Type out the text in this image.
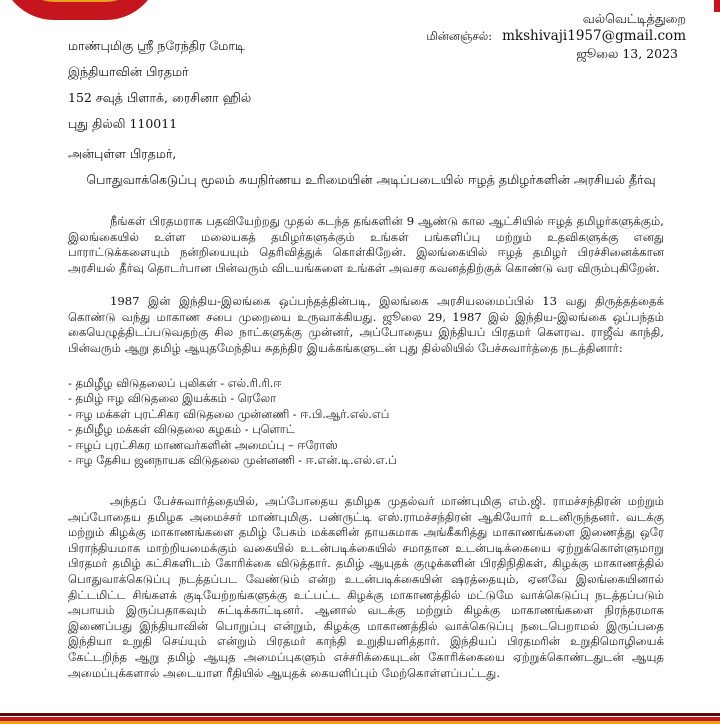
வல்வெட்டித்துறை
மின்னஞ்சல்: mkshivaji1957@gmail.com
ஜூலை 13, 2023
மாண்புமிகு ஸ்ரீ நரேந்திர மோடி
இந்தியாவின் பிரதமர்
152 சவுத் பிளாக், ரைசினா ஹில்
புது தில்லி 110011
அன்புள்ள பிரதமர்,
பொதுவாக்கெடுப்பு மூலம் சுயநிர்ணய உரிமையின் அடிப்படையில் ஈழத் தமிழர்களின் அரசியல் தீர்வு
நீங்கள் பிரதமராக பதவியேற்றது முதல் கடந்த தங்களின் 9 ஆண்டு கால ஆட்சியில் ஈழத் தமிழர்களுக்கும், இலங்கையில் உள்ள மலையகத் தமிழர்களுக்கும் உங்கள் பங்களிப்பு மற்றும் உதவிகளுக்கு எனது பாராட்டுக்களையும் நன்றியையும் தெரிவித்துக் கொள்கிறேன். இலங்கையில் ஈழத் தமிழர் பிரச்சினைக்கான அரசியல் தீர்வு தொடர்பான பின்வரும் விடயங்களை உங்கள் அவசர கவனத்திற்குக் கொண்டு வர விரும்புகிறேன்.
1987 இன் இந்திய-இலங்கை ஒப்பந்தத்தின்படி, இலங்கை அரசியலமைப்பில் 13 வது திருத்தத்தைக் கொண்டு வந்து மாகாண சபை முறையை உருவாக்கியது. ஜூலை 29, 1987 இல் இந்திய-இலங்கை ஒப்பந்தம் கையெழுத்திடப்படுவதற்கு சில நாட்களுக்கு முன்னர், அப்போதைய இந்தியப் பிரதமர் கௌரவ. ராஜீவ் காந்தி, பின்வரும் ஆறு தமிழ் ஆயுதமேந்திய சுதந்திர இயக்கங்களுடன் புது தில்லியில் பேச்சுவார்த்தை நடத்தினார்:
- தமிழீழ விடுதலைப் புலிகள் - எல்.ரி.ரி.ஈ
- தமிழ் ஈழ விடுதலை இயக்கம் - ரெலோ
- ஈழ மக்கள் புரட்சிகர விடுதலை முன்னணி - ஈ.பி.ஆர்.எல்.எப்
- தமிழீழ மக்கள் விடுதலை கழகம் - புளொட்
- ஈழப் புரட்சிகர மாணவர்களின் அமைப்பு – ஈரோஸ்
- ஈழ தேசிய ஜனநாயக விடுதலை முன்னணி - ஈ.என்.டி.எல்.எ.ப்
அந்தப் பேச்சுவார்த்தையில், அப்போதைய தமிழக முதல்வர் மாண்புமிகு எம்.ஜி. ராமச்சந்திரன் மற்றும் அப்போதைய தமிழக அமைச்சர் மாண்புமிகு. பண்ருட்டி எஸ்.ராமச்சந்திரன் ஆகியோர் உடனிருந்தனர். வடக்கு மற்றும் கிழக்கு மாகாணங்களை தமிழ் பேசும் மக்களின் தாயகமாக அங்கீகரித்து மாகாணங்களை இணைத்து ஒரே பிராந்தியமாக மாற்றியமைக்கும் வகையில் உடன்படிக்கையில் சமாதான உடன்படிக்கையை ஏற்றுக்கொள்ளுமாறு பிரதமர் தமிழ் கட்சிகளிடம் கோரிக்கை விடுத்தார். தமிழ் ஆயுதக் குழுக்களின் பிரதிநிதிகள், கிழக்கு மாகாணத்தில் பொதுவாக்கெடுப்பு நடத்தப்பட வேண்டும் என்ற உடன்படிக்கையின் ஷரத்தையும், ஏனவே இலங்கையினால் திட்டமிட்ட சிங்களக் குடியேற்றங்களுக்கு உட்பட்ட கிழக்கு மாகாணத்தில் மட்டுமே வாக்கெடுப்பு நடத்தப்படும் அபாயம் இருப்பதாகவும் சுட்டிக்காட்டினர். ஆனால் வடக்கு மற்றும் கிழக்கு மாகாணங்களை நிரந்தரமாக இணைப்பது இந்தியாவின் பொறுப்பு என்றும், கிழக்கு மாகாணத்தில் வாக்கெடுப்பு நடைபெறாமல் இருப்பதை இந்தியா உறுதி செய்யும் என்றும் பிரதமர் காந்தி உறுதியளித்தார். இந்தியப் பிரதமரின் உறுதிமொழியைக் கேட்டறிந்த ஆறு தமிழ் ஆயுத அமைப்புகளும் எச்சரிக்கையுடன் கோரிக்கையை ஏற்றுக்கொண்டதுடன் ஆயுத அமைப்புக்களால் அடையாள ரீதியில் ஆயுதக் கையளிப்பும் மேற்கொள்ளப்பட்டது.
